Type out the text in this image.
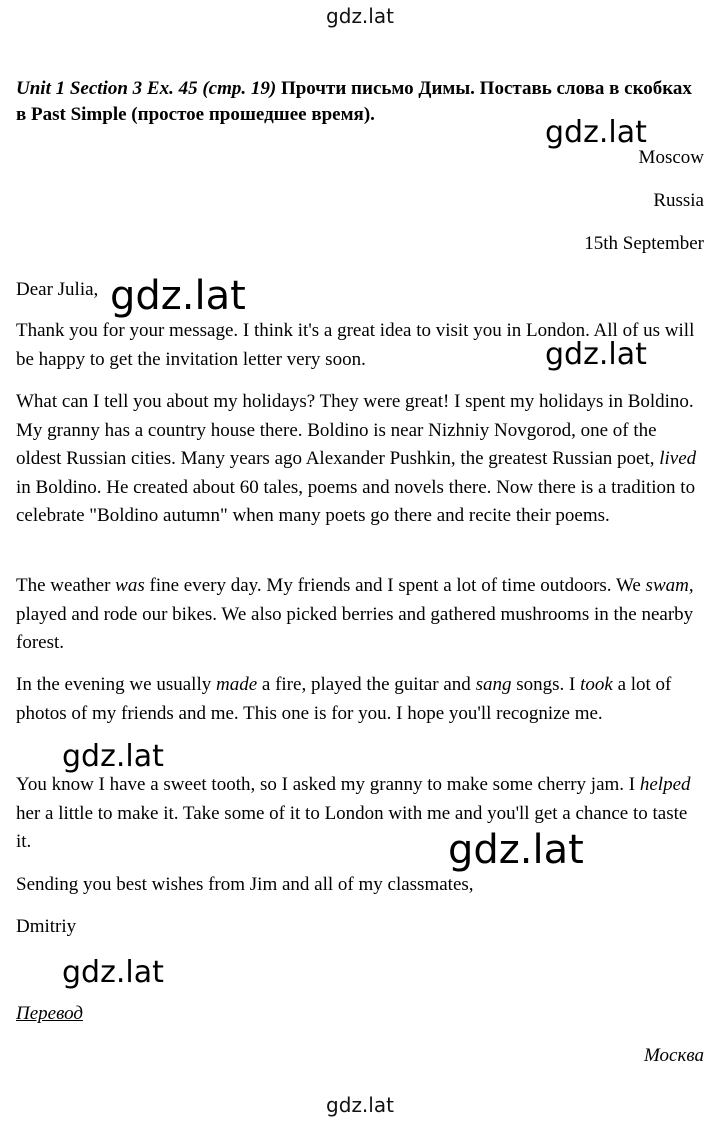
gdz.lat
Unit 1 Section 3 Ex. 45 (стр. 19) Прочти письмо Димы. Поставь слова в скобках в Past Simple (простое прошедшее время).
Moscow
Russia
15th September
Dear Julia,
Thank you for your message. I think it's a great idea to visit you in London. All of us will be happy to get the invitation letter very soon.
What can I tell you about my holidays? They were great! I spent my holidays in Boldino. My granny has a country house there. Boldino is near Nizhniy Novgorod, one of the oldest Russian cities. Many years ago Alexander Pushkin, the greatest Russian poet, lived in Boldino. He created about 60 tales, poems and novels there. Now there is a tradition to celebrate "Boldino autumn" when many poets go there and recite their poems.
The weather was fine every day. My friends and I spent a lot of time outdoors. We swam, played and rode our bikes. We also picked berries and gathered mushrooms in the nearby forest.
In the evening we usually made a fire, played the guitar and sang songs. I took a lot of photos of my friends and me. This one is for you. I hope you'll recognize me.
You know I have a sweet tooth, so I asked my granny to make some cherry jam. I helped her a little to make it. Take some of it to London with me and you'll get a chance to taste it.
Sending you best wishes from Jim and all of my classmates,
Dmitriy
Перевод
Москва
gdz.lat
gdz.lat
gdz.lat
gdz.lat
gdz.lat
gdz.lat
gdz.lat
